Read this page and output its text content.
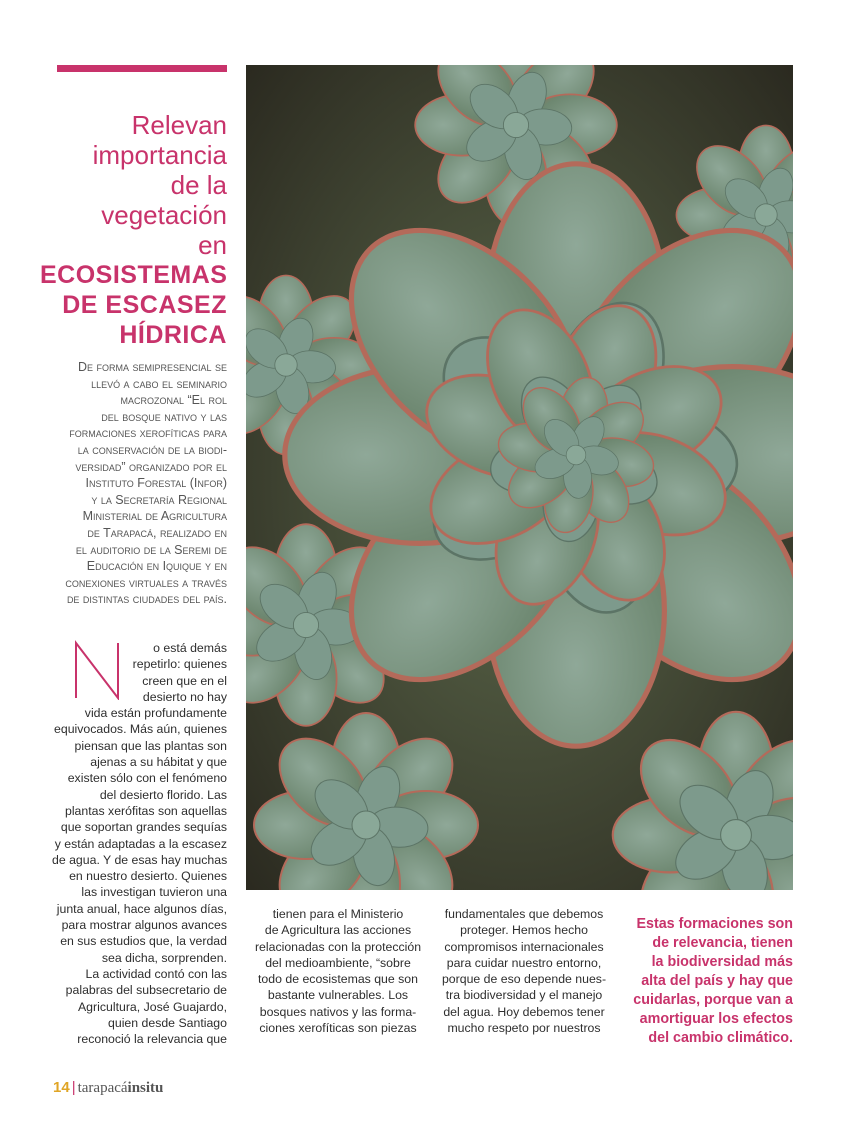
Relevan
importancia
de la
vegetación
en
ECOSISTEMAS
DE ESCASEZ
HÍDRICA
De forma semipresencial se
llevó a cabo el seminario
macrozonal “El rol
del bosque nativo y las
formaciones xerofíticas para
la conservación de la biodi-
versidad” organizado por el
Instituto Forestal (Infor)
y la Secretaría Regional
Ministerial de Agricultura
de Tarapacá, realizado en
el auditorio de la Seremi de
Educación en Iquique y en
conexiones virtuales a través
de distintas ciudades del país.
o está demás
repetirlo: quienes
creen que en el
desierto no hay
vida están profundamente
equivocados. Más aún, quienes
piensan que las plantas son
ajenas a su hábitat y que
existen sólo con el fenómeno
del desierto florido. Las
plantas xerófitas son aquellas
que soportan grandes sequías
y están adaptadas a la escasez
de agua. Y de esas hay muchas
en nuestro desierto. Quienes
las investigan tuvieron una
junta anual, hace algunos días,
para mostrar algunos avances
en sus estudios que, la verdad
sea dicha, sorprenden.
La actividad contó con las
palabras del subsecretario de
Agricultura, José Guajardo,
quien desde Santiago
reconoció la relevancia que
tienen para el Ministerio
de Agricultura las acciones
relacionadas con la protección
del medioambiente, “sobre
todo de ecosistemas que son
bastante vulnerables. Los
bosques nativos y las forma-
ciones xerofíticas son piezas
fundamentales que debemos
proteger. Hemos hecho
compromisos internacionales
para cuidar nuestro entorno,
porque de eso depende nues-
tra biodiversidad y el manejo
del agua. Hoy debemos tener
mucho respeto por nuestros
Estas formaciones son
de relevancia, tienen
la biodiversidad más
alta del país y hay que
cuidarlas, porque van a
amortiguar los efectos
del cambio climático.
14 | tarapacáinsitu
